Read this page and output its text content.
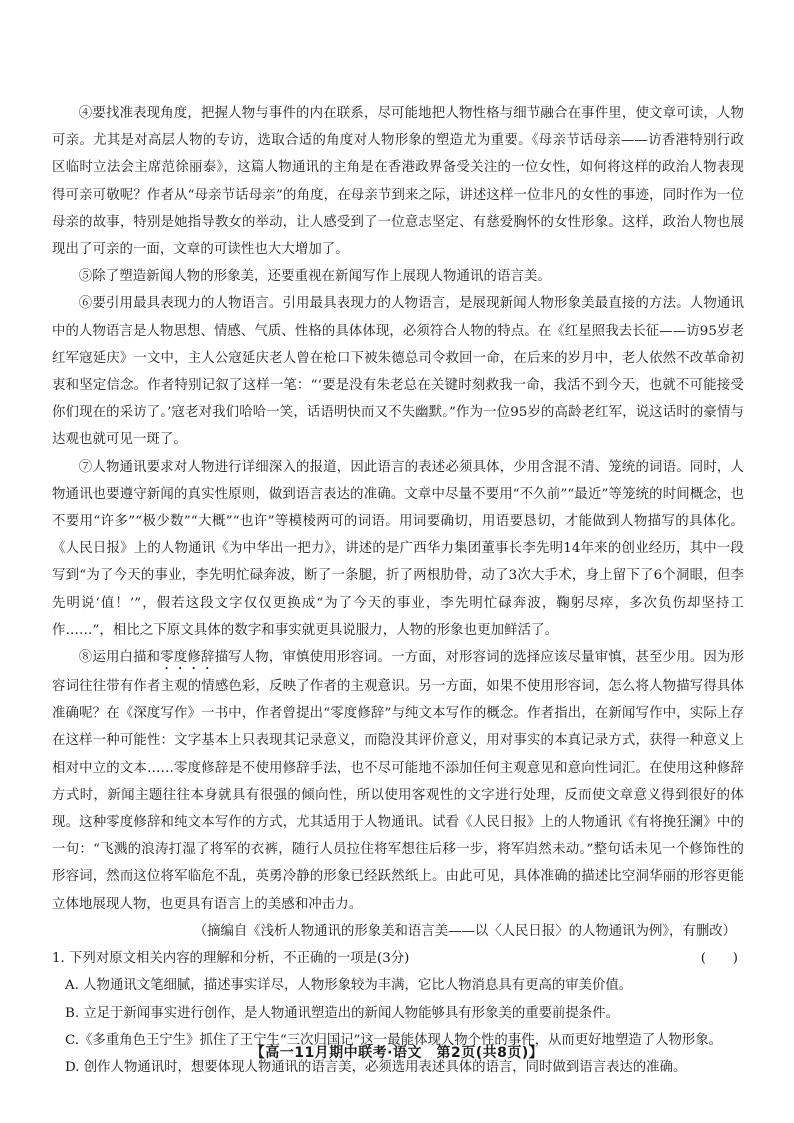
④要找准表现角度，把握人物与事件的内在联系，尽可能地把人物性格与细节融合在事件里，使文章可读，人物可亲。尤其是对高层人物的专访，选取合适的角度对人物形象的塑造尤为重要。《母亲节话母亲——访香港特别行政区临时立法会主席范徐丽泰》，这篇人物通讯的主角是在香港政界备受关注的一位女性，如何将这样的政治人物表现得可亲可敬呢？作者从“母亲节话母亲”的角度，在母亲节到来之际，讲述这样一位非凡的女性的事迹，同时作为一位母亲的故事，特别是她指导教女的举动，让人感受到了一位意志坚定、有慈爱胸怀的女性形象。这样，政治人物也展现出了可亲的一面，文章的可读性也大大增加了。

⑤除了塑造新闻人物的形象美，还要重视在新闻写作上展现人物通讯的语言美。

⑥要引用最具表现力的人物语言。引用最具表现力的人物语言，是展现新闻人物形象美最直接的方法。人物通讯中的人物语言是人物思想、情感、气质、性格的具体体现，必须符合人物的特点。在《红星照我去长征——访95岁老红军寇延庆》一文中，主人公寇延庆老人曾在枪口下被朱德总司令救回一命，在后来的岁月中，老人依然不改革命初衷和坚定信念。作者特别记叙了这样一笔：“‘要是没有朱老总在关键时刻救我一命，我活不到今天，也就不可能接受你们现在的采访了。’寇老对我们哈哈一笑，话语明快而又不失幽默。”作为一位95岁的高龄老红军，说这话时的豪情与达观也就可见一斑了。

⑦人物通讯要求对人物进行详细深入的报道，因此语言的表述必须具体，少用含混不清、笼统的词语。同时，人物通讯也要遵守新闻的真实性原则，做到语言表达的准确。文章中尽量不要用“不久前”“最近”等笼统的时间概念，也不要用“许多”“极少数”“大概”“也许”等模棱两可的词语。用词要确切，用语要恳切，才能做到人物描写的具体化。《人民日报》上的人物通讯《为中华出一把力》，讲述的是广西华力集团董事长李先明14年来的创业经历，其中一段写到“为了今天的事业，李先明忙碌奔波，断了一条腿，折了两根肋骨，动了3次大手术，身上留下了6个洞眼，但李先明说‘值！’”，假若这段文字仅仅更换成“为了今天的事业，李先明忙碌奔波，鞠躬尽瘁，多次负伤却坚持工作……”，相比之下原文具体的数字和事实就更具说服力，人物的形象也更加鲜活了。

⑧运用白描和零度修辞描写人物，审慎使用形容词。一方面，对形容词的选择应该尽量审慎，甚至少用。因为形容词往往带有作者主观的情感色彩，反映了作者的主观意识。另一方面，如果不使用形容词，怎么将人物描写得具体准确呢？在《深度写作》一书中，作者曾提出“零度修辞”与纯文本写作的概念。作者指出，在新闻写作中，实际上存在这样一种可能性：文字基本上只表现其记录意义，而隐没其评价意义，用对事实的本真记录方式，获得一种意义上相对中立的文本……零度修辞是不使用修辞手法，也不尽可能地不添加任何主观意见和意向性词汇。在使用这种修辞方式时，新闻主题往往本身就具有很强的倾向性，所以使用客观性的文字进行处理，反而使文章意义得到很好的体现。这种零度修辞和纯文本写作的方式，尤其适用于人物通讯。试看《人民日报》上的人物通讯《有将挽狂澜》中的一句：“飞溅的浪涛打湿了将军的衣裤，随行人员拉住将军想往后移一步，将军岿然未动。”整句话未见一个修饰性的形容词，然而这位将军临危不乱，英勇冷静的形象已经跃然纸上。由此可见，具体准确的描述比空洞华丽的形容更能立体地展现人物，也更具有语言上的美感和冲击力。

（摘编自《浅析人物通讯的形象美和语言美——以〈人民日报〉的人物通讯为例》，有删改）

1. 下列对原文相关内容的理解和分析，不正确的一项是(3分)	(　　)

A. 人物通讯文笔细腻，描述事实详尽，人物形象较为丰满，它比人物消息具有更高的审美价值。

B. 立足于新闻事实进行创作，是人物通讯塑造出的新闻人物能够具有形象美的重要前提条件。

C.《多重角色王宁生》抓住了王宁生“三次归国记”这一最能体现人物个性的事件，从而更好地塑造了人物形象。

D. 创作人物通讯时，想要体现人物通讯的语言美，必须选用表述具体的语言，同时做到语言表达的准确。

【高一11月期中联考·语文　第2页(共8页)】
